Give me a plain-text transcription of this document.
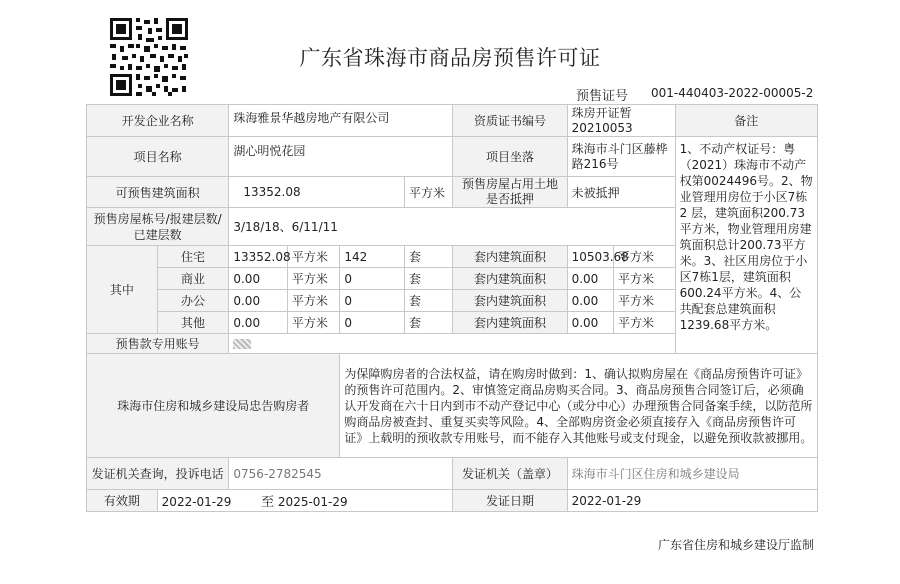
广东省珠海市商品房预售许可证
预售证号 001-440403-2022-00005-2
开发企业名称		珠海雅景华越房地产有限公司				资质证书编号	珠房开证暂20210053		备注
项目名称		湖心明悦花园				项目坐落	珠海市斗门区藤桦路216号		1、不动产权证号：粤（2021）珠海市不动产权第0024496号。2、物业管理用房位于小区7栋 2 层，建筑面积200.73平方米，物业管理用房建筑面积总计200.73平方米。3、社区用房位于小区7栋1层，建筑面积 600.24平方米。4、公共配套总建筑面积1239.68平方米。
可预售建筑面积		13352.08			平方米	预售房屋占用土地是否抵押	未被抵押		
预售房屋栋号/报建层数/已建层数		3/18/18、6/11/11							
其中	住宅	13352.08	平方米	142	套	套内建筑面积	10503.68	平方米	
	商业	0.00	平方米	0	套	套内建筑面积	0.00	平方米	
	办公	0.00	平方米	0	套	套内建筑面积	0.00	平方米	
	其他	0.00	平方米	0	套	套内建筑面积	0.00	平方米	
预售款专用账号									
珠海市住房和城乡建设局忠告购房者				为保障购房者的合法权益，请在购房时做到：1、确认拟购房屋在《商品房预售许可证》的预售许可范围内。2、审慎签定商品房购买合同。3、商品房预售合同签订后，必须确认开发商在六十日内到市不动产登记中心（或分中心）办理预售合同备案手续，以防范所购商品房被查封、重复买卖等风险。4、全部购房资金必须直接存入《商品房预售许可证》上载明的预收款专用账号，而不能存入其他账号或支付现金，以避免预收款被挪用。					
发证机关查询，投诉电话		0756-2782545				发证机关（盖章）	珠海市斗门区住房和城乡建设局		
有效期	2022-01-29 至 2025-01-29					发证日期	2022-01-29		
广东省住房和城乡建设厅监制
